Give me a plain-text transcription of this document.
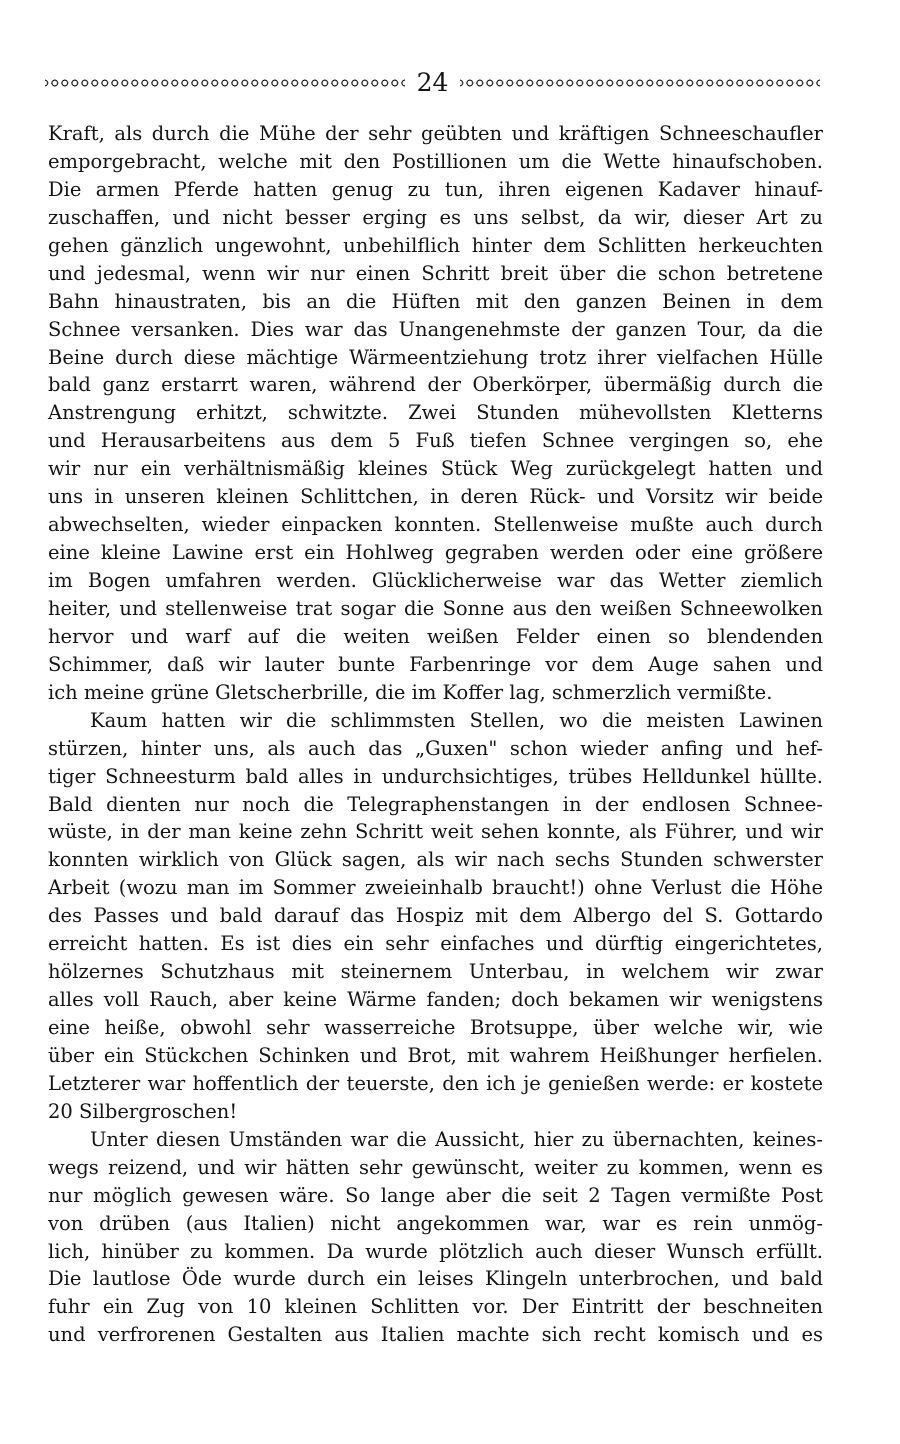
24
Kraft, als durch die Mühe der sehr geübten und kräftigen Schneeschaufler
emporgebracht, welche mit den Postillionen um die Wette hinaufschoben.
Die armen Pferde hatten genug zu tun, ihren eigenen Kadaver hinauf-
zuschaffen, und nicht besser erging es uns selbst, da wir, dieser Art zu
gehen gänzlich ungewohnt, unbehilflich hinter dem Schlitten herkeuchten
und jedesmal, wenn wir nur einen Schritt breit über die schon betretene
Bahn hinaustraten, bis an die Hüften mit den ganzen Beinen in dem
Schnee versanken. Dies war das Unangenehmste der ganzen Tour, da die
Beine durch diese mächtige Wärmeentziehung trotz ihrer vielfachen Hülle
bald ganz erstarrt waren, während der Oberkörper, übermäßig durch die
Anstrengung erhitzt, schwitzte. Zwei Stunden mühevollsten Kletterns
und Herausarbeitens aus dem 5 Fuß tiefen Schnee vergingen so, ehe
wir nur ein verhältnismäßig kleines Stück Weg zurückgelegt hatten und
uns in unseren kleinen Schlittchen, in deren Rück- und Vorsitz wir beide
abwechselten, wieder einpacken konnten. Stellenweise mußte auch durch
eine kleine Lawine erst ein Hohlweg gegraben werden oder eine größere
im Bogen umfahren werden. Glücklicherweise war das Wetter ziemlich
heiter, und stellenweise trat sogar die Sonne aus den weißen Schneewolken
hervor und warf auf die weiten weißen Felder einen so blendenden
Schimmer, daß wir lauter bunte Farbenringe vor dem Auge sahen und
ich meine grüne Gletscherbrille, die im Koffer lag, schmerzlich vermißte.
Kaum hatten wir die schlimmsten Stellen, wo die meisten Lawinen
stürzen, hinter uns, als auch das „Guxen" schon wieder anfing und hef-
tiger Schneesturm bald alles in undurchsichtiges, trübes Helldunkel hüllte.
Bald dienten nur noch die Telegraphenstangen in der endlosen Schnee-
wüste, in der man keine zehn Schritt weit sehen konnte, als Führer, und wir
konnten wirklich von Glück sagen, als wir nach sechs Stunden schwerster
Arbeit (wozu man im Sommer zweieinhalb braucht!) ohne Verlust die Höhe
des Passes und bald darauf das Hospiz mit dem Albergo del S. Gottardo
erreicht hatten. Es ist dies ein sehr einfaches und dürftig eingerichtetes,
hölzernes Schutzhaus mit steinernem Unterbau, in welchem wir zwar
alles voll Rauch, aber keine Wärme fanden; doch bekamen wir wenigstens
eine heiße, obwohl sehr wasserreiche Brotsuppe, über welche wir, wie
über ein Stückchen Schinken und Brot, mit wahrem Heißhunger herfielen.
Letzterer war hoffentlich der teuerste, den ich je genießen werde: er kostete
20 Silbergroschen!
Unter diesen Umständen war die Aussicht, hier zu übernachten, keines-
wegs reizend, und wir hätten sehr gewünscht, weiter zu kommen, wenn es
nur möglich gewesen wäre. So lange aber die seit 2 Tagen vermißte Post
von drüben (aus Italien) nicht angekommen war, war es rein unmög-
lich, hinüber zu kommen. Da wurde plötzlich auch dieser Wunsch erfüllt.
Die lautlose Öde wurde durch ein leises Klingeln unterbrochen, und bald
fuhr ein Zug von 10 kleinen Schlitten vor. Der Eintritt der beschneiten
und verfrorenen Gestalten aus Italien machte sich recht komisch und es
